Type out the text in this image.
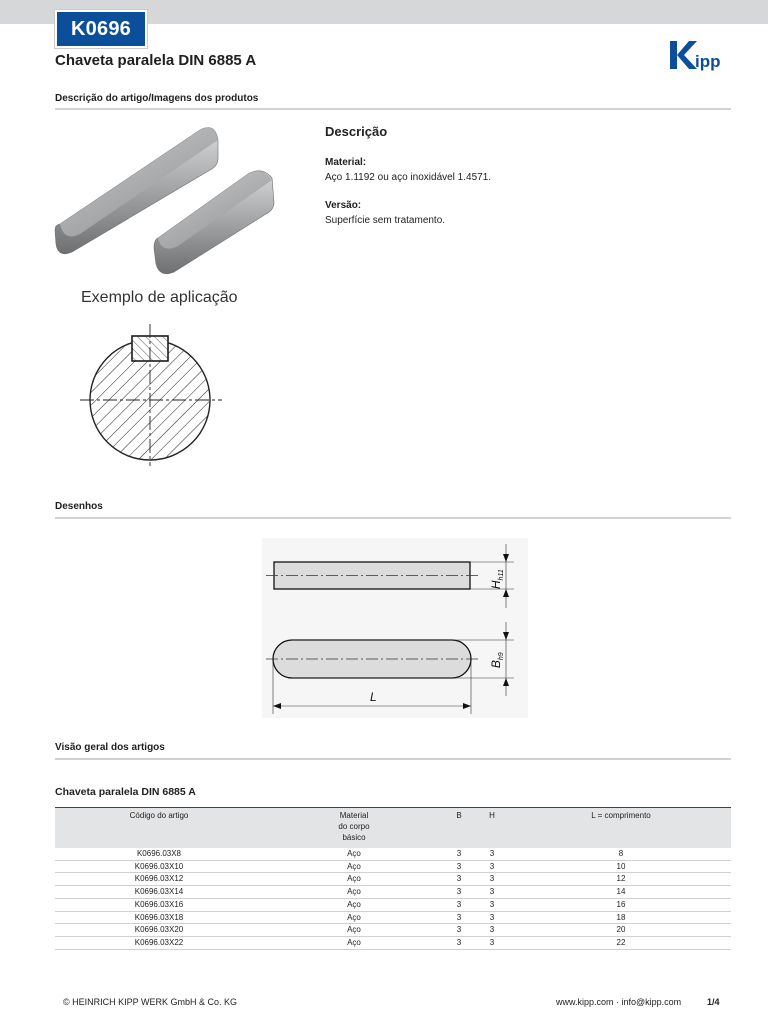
K0696
Chaveta paralela DIN 6885 A	ipp
Descrição do artigo/Imagens dos produtos
Exemplo de aplicação
Descrição
Material:
Aço 1.1192 ou aço inoxidável 1.4571.
Versão:
Superfície sem tratamento.
Desenhos
$H_{h11}$
$B_{h9}$
L
Visão geral dos artigos
Chaveta paralela DIN 6885 A
Código do artigo	Material
do corpo
básico	B	H	L = comprimento
K0696.03X8	Aço	3	3	8
K0696.03X10	Aço	3	3	10
K0696.03X12	Aço	3	3	12
K0696.03X14	Aço	3	3	14
K0696.03X16	Aço	3	3	16
K0696.03X18	Aço	3	3	18
K0696.03X20	Aço	3	3	20
K0696.03X22	Aço	3	3	22
© HEINRICH KIPP WERK GmbH & Co. KG	www.kipp.com · info@kipp.com	1/4
